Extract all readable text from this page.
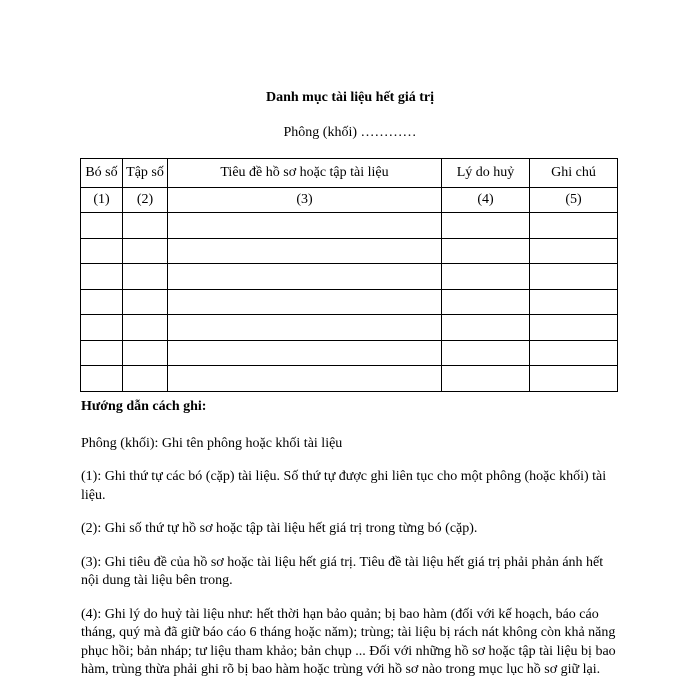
Danh mục tài liệu hết giá trị
Phông (khối) …………
Bó số	Tập số	Tiêu đề hồ sơ hoặc tập tài liệu	Lý do huỷ	Ghi chú
(1)	(2)	(3)	(4)	(5)

Hướng dẫn cách ghi:

Phông (khối): Ghi tên phông hoặc khối tài liệu

(1): Ghi thứ tự các bó (cặp) tài liệu. Số thứ tự được ghi liên tục cho một phông (hoặc khối) tài liệu.

(2): Ghi số thứ tự hồ sơ hoặc tập tài liệu hết giá trị trong từng bó (cặp).

(3): Ghi tiêu đề của hồ sơ hoặc tài liệu hết giá trị. Tiêu đề tài liệu hết giá trị phải phản ánh hết nội dung tài liệu bên trong.

(4): Ghi lý do huỷ tài liệu như: hết thời hạn bảo quản; bị bao hàm (đối với kế hoạch, báo cáo tháng, quý mà đã giữ báo cáo 6 tháng hoặc năm); trùng; tài liệu bị rách nát không còn khả năng phục hồi; bản nháp; tư liệu tham khảo; bản chụp ... Đối với những hồ sơ hoặc tập tài liệu bị bao hàm, trùng thừa phải ghi rõ bị bao hàm hoặc trùng với hồ sơ nào trong mục lục hồ sơ giữ lại.
